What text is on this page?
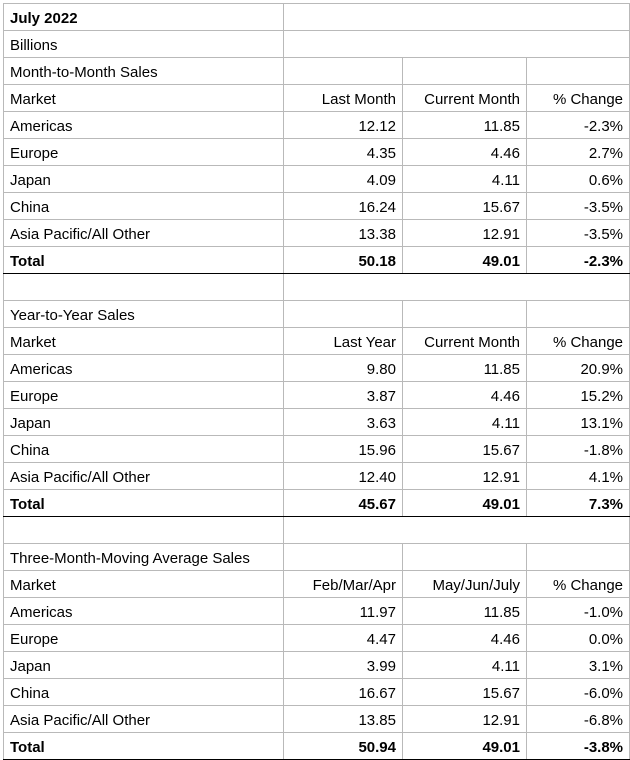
July 2022			
Billions			
Month-to-Month Sales			
Market	Last Month	Current Month	% Change
Americas	12.12	11.85	-2.3%
Europe	4.35	4.46	2.7%
Japan	4.09	4.11	0.6%
China	16.24	15.67	-3.5%
Asia Pacific/All Other	13.38	12.91	-3.5%
Total	50.18	49.01	-2.3%

Year-to-Year Sales			
Market	Last Year	Current Month	% Change
Americas	9.80	11.85	20.9%
Europe	3.87	4.46	15.2%
Japan	3.63	4.11	13.1%
China	15.96	15.67	-1.8%
Asia Pacific/All Other	12.40	12.91	4.1%
Total	45.67	49.01	7.3%

Three-Month-Moving Average Sales			
Market	Feb/Mar/Apr	May/Jun/July	% Change
Americas	11.97	11.85	-1.0%
Europe	4.47	4.46	0.0%
Japan	3.99	4.11	3.1%
China	16.67	15.67	-6.0%
Asia Pacific/All Other	13.85	12.91	-6.8%
Total	50.94	49.01	-3.8%
